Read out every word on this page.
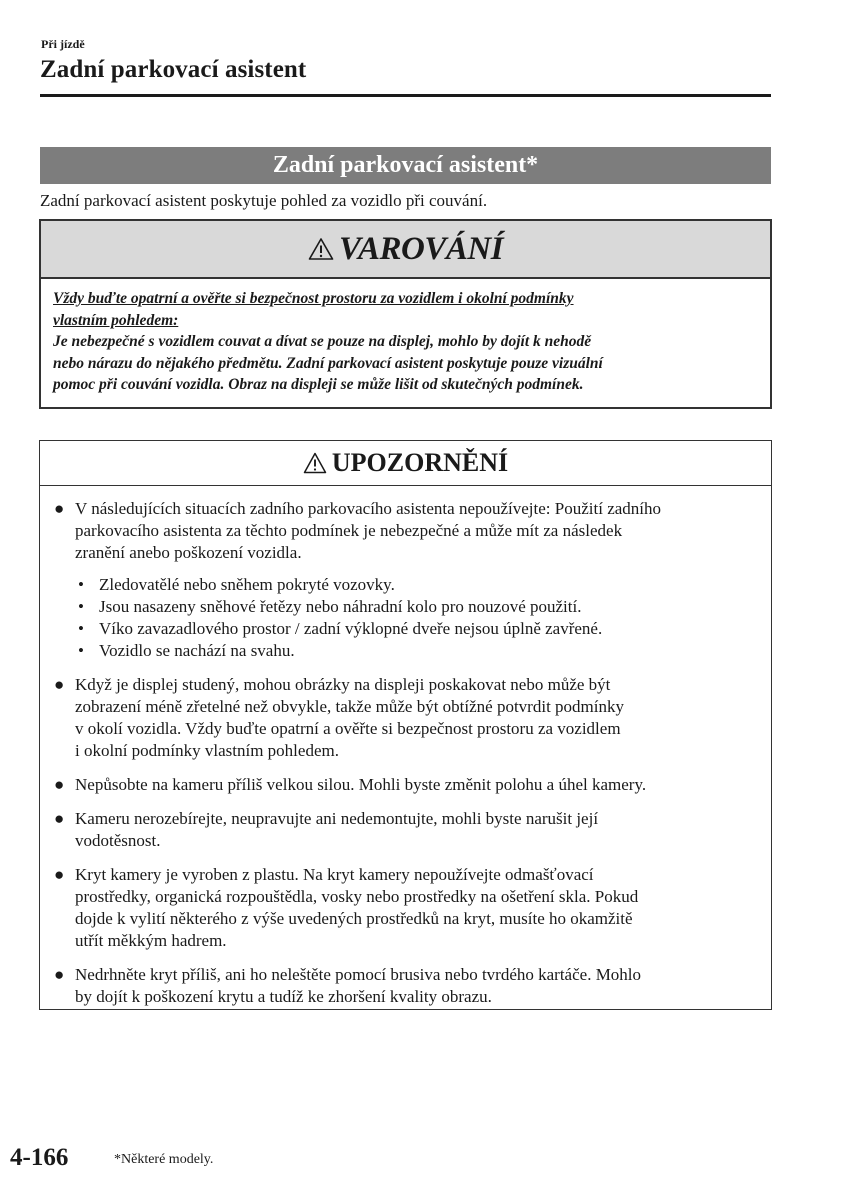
Při jízdě
Zadní parkovací asistent
Zadní parkovací asistent*
Zadní parkovací asistent poskytuje pohled za vozidlo při couvání.
VAROVÁNÍ
Vždy buďte opatrní a ověřte si bezpečnost prostoru za vozidlem i okolní podmínky
vlastním pohledem:
Je nebezpečné s vozidlem couvat a dívat se pouze na displej, mohlo by dojít k nehodě
nebo nárazu do nějakého předmětu. Zadní parkovací asistent poskytuje pouze vizuální
pomoc při couvání vozidla. Obraz na displeji se může lišit od skutečných podmínek.
UPOZORNĚNÍ
● V následujících situacích zadního parkovacího asistenta nepoužívejte: Použití zadního
parkovacího asistenta za těchto podmínek je nebezpečné a může mít za následek
zranění anebo poškození vozidla.
• Zledovatělé nebo sněhem pokryté vozovky.
• Jsou nasazeny sněhové řetězy nebo náhradní kolo pro nouzové použití.
• Víko zavazadlového prostor / zadní výklopné dveře nejsou úplně zavřené.
• Vozidlo se nachází na svahu.
● Když je displej studený, mohou obrázky na displeji poskakovat nebo může být
zobrazení méně zřetelné než obvykle, takže může být obtížné potvrdit podmínky
v okolí vozidla. Vždy buďte opatrní a ověřte si bezpečnost prostoru za vozidlem
i okolní podmínky vlastním pohledem.
● Nepůsobte na kameru příliš velkou silou. Mohli byste změnit polohu a úhel kamery.
● Kameru nerozebírejte, neupravujte ani nedemontujte, mohli byste narušit její
vodotěsnost.
● Kryt kamery je vyroben z plastu. Na kryt kamery nepoužívejte odmašťovací
prostředky, organická rozpouštědla, vosky nebo prostředky na ošetření skla. Pokud
dojde k vylití některého z výše uvedených prostředků na kryt, musíte ho okamžitě
utřít měkkým hadrem.
● Nedrhněte kryt příliš, ani ho neleštěte pomocí brusiva nebo tvrdého kartáče. Mohlo
by dojít k poškození krytu a tudíž ke zhoršení kvality obrazu.
4-166	*Některé modely.
